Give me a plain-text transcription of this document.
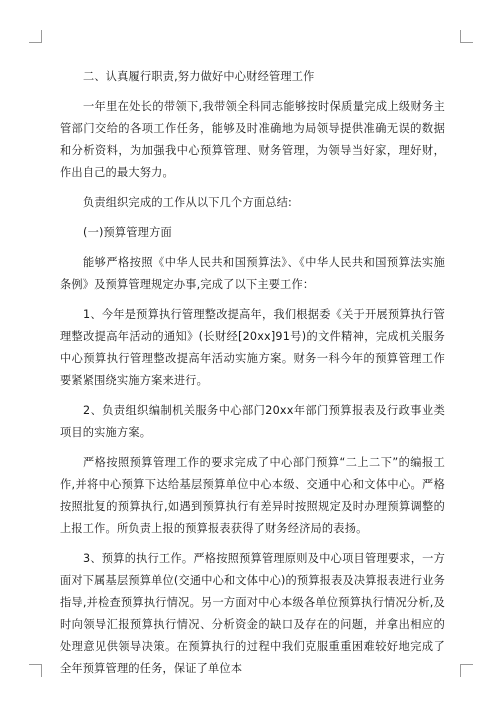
二、认真履行职责,努力做好中心财经管理工作

一年里在处长的带领下,我带领全科同志能够按时保质量完成上级财务主管部门交给的各项工作任务，能够及时准确地为局领导提供准确无误的数据和分析资料，为加强我中心预算管理、财务管理，为领导当好家，理好财，作出自己的最大努力。

负责组织完成的工作从以下几个方面总结:

(一)预算管理方面

能够严格按照《中华人民共和国预算法》、《中华人民共和国预算法实施条例》及预算管理规定办事,完成了以下主要工作：

1、今年是预算执行管理整改提高年，我们根据委《关于开展预算执行管理整改提高年活动的通知》(长财经[20xx]91号)的文件精神，完成机关服务中心预算执行管理整改提高年活动实施方案。财务一科今年的预算管理工作要紧紧围绕实施方案来进行。

2、负责组织编制机关服务中心部门20xx年部门预算报表及行政事业类项目的实施方案。

严格按照预算管理工作的要求完成了中心部门预算“二上二下”的编报工作,并将中心预算下达给基层预算单位中心本级、交通中心和文体中心。严格按照批复的预算执行,如遇到预算执行有差异时按照规定及时办理预算调整的上报工作。所负责上报的预算报表获得了财务经济局的表扬。

3、预算的执行工作。严格按照预算管理原则及中心项目管理要求，一方面对下属基层预算单位(交通中心和文体中心)的预算报表及决算报表进行业务指导,并检查预算执行情况。另一方面对中心本级各单位预算执行情况分析,及时向领导汇报预算执行情况、分析资金的缺口及存在的问题，并拿出相应的处理意见供领导决策。在预算执行的过程中我们克服重重困难较好地完成了全年预算管理的任务，保证了单位本
